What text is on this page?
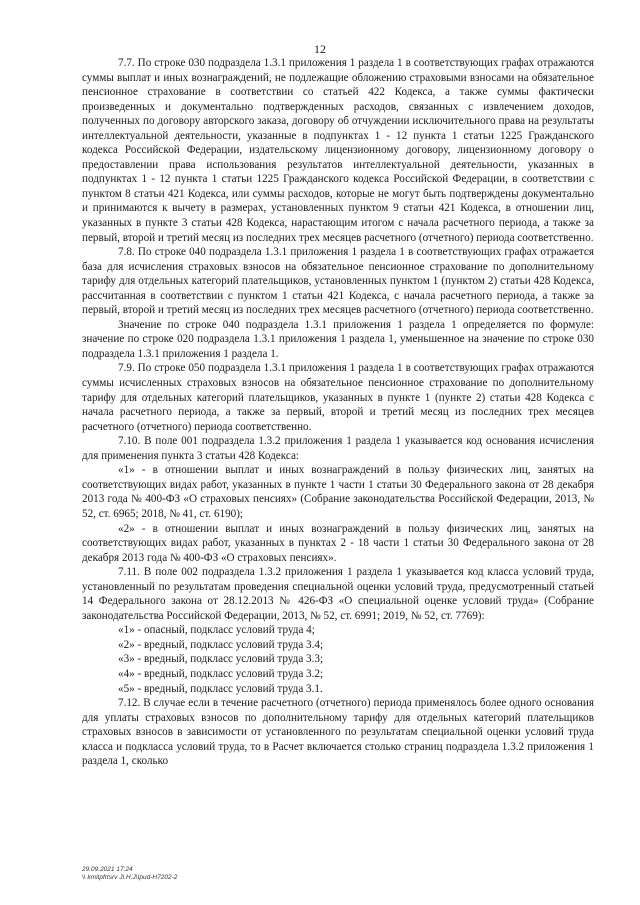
12

7.7. По строке 030 подраздела 1.3.1 приложения 1 раздела 1 в соответствующих графах отражаются суммы выплат и иных вознаграждений, не подлежащие обложению страховыми взносами на обязательное пенсионное страхование в соответствии со статьей 422 Кодекса, а также суммы фактически произведенных и документально подтвержденных расходов, связанных с извлечением доходов, полученных по договору авторского заказа, договору об отчуждении исключительного права на результаты интеллектуальной деятельности, указанные в подпунктах 1 - 12 пункта 1 статьи 1225 Гражданского кодекса Российской Федерации, издательскому лицензионному договору, лицензионному договору о предоставлении права использования результатов интеллектуальной деятельности, указанных в подпунктах 1 - 12 пункта 1 статьи 1225 Гражданского кодекса Российской Федерации, в соответствии с пунктом 8 статьи 421 Кодекса, или суммы расходов, которые не могут быть подтверждены документально и принимаются к вычету в размерах, установленных пунктом 9 статьи 421 Кодекса, в отношении лиц, указанных в пункте 3 статьи 428 Кодекса, нарастающим итогом с начала расчетного периода, а также за первый, второй и третий месяц из последних трех месяцев расчетного (отчетного) периода соответственно.

7.8. По строке 040 подраздела 1.3.1 приложения 1 раздела 1 в соответствующих графах отражается база для исчисления страховых взносов на обязательное пенсионное страхование по дополнительному тарифу для отдельных категорий плательщиков, установленных пунктом 1 (пунктом 2) статьи 428 Кодекса, рассчитанная в соответствии с пунктом 1 статьи 421 Кодекса, с начала расчетного периода, а также за первый, второй и третий месяц из последних трех месяцев расчетного (отчетного) периода соответственно.

Значение по строке 040 подраздела 1.3.1 приложения 1 раздела 1 определяется по формуле: значение по строке 020 подраздела 1.3.1 приложения 1 раздела 1, уменьшенное на значение по строке 030 подраздела 1.3.1 приложения 1 раздела 1.

7.9. По строке 050 подраздела 1.3.1 приложения 1 раздела 1 в соответствующих графах отражаются суммы исчисленных страховых взносов на обязательное пенсионное страхование по дополнительному тарифу для отдельных категорий плательщиков, указанных в пункте 1 (пункте 2) статьи 428 Кодекса с начала расчетного периода, а также за первый, второй и третий месяц из последних трех месяцев расчетного (отчетного) периода соответственно.

7.10. В поле 001 подраздела 1.3.2 приложения 1 раздела 1 указывается код основания исчисления для применения пункта 3 статьи 428 Кодекса:

«1» - в отношении выплат и иных вознаграждений в пользу физических лиц, занятых на соответствующих видах работ, указанных в пункте 1 части 1 статьи 30 Федерального закона от 28 декабря 2013 года № 400-ФЗ «О страховых пенсиях» (Собрание законодательства Российской Федерации, 2013, № 52, ст. 6965; 2018, № 41, ст. 6190);

«2» - в отношении выплат и иных вознаграждений в пользу физических лиц, занятых на соответствующих видах работ, указанных в пунктах 2 - 18 части 1 статьи 30 Федерального закона от 28 декабря 2013 года № 400-ФЗ «О страховых пенсиях».

7.11. В поле 002 подраздела 1.3.2 приложения 1 раздела 1 указывается код класса условий труда, установленный по результатам проведения специальной оценки условий труда, предусмотренный статьей 14 Федерального закона от 28.12.2013 № 426-ФЗ «О специальной оценке условий труда» (Собрание законодательства Российской Федерации, 2013, № 52, ст. 6991; 2019, № 52, ст. 7769):

«1» - опасный, подкласс условий труда 4;

«2» - вредный, подкласс условий труда 3.4;

«3» - вредный, подкласс условий труда 3.3;

«4» - вредный, подкласс условий труда 3.2;

«5» - вредный, подкласс условий труда 3.1.

7.12. В случае если в течение расчетного (отчетного) периода применялось более одного основания для уплаты страховых взносов по дополнительному тарифу для отдельных категорий плательщиков страховых взносов в зависимости от установленного по результатам специальной оценки условий труда класса и подкласса условий труда, то в Расчет включается столько страниц подраздела 1.3.2 приложения 1 раздела 1, сколько

29.09.2021 17:24
\\ kmitpfrtsrv JI.H.J\Ipud-H7202-2
